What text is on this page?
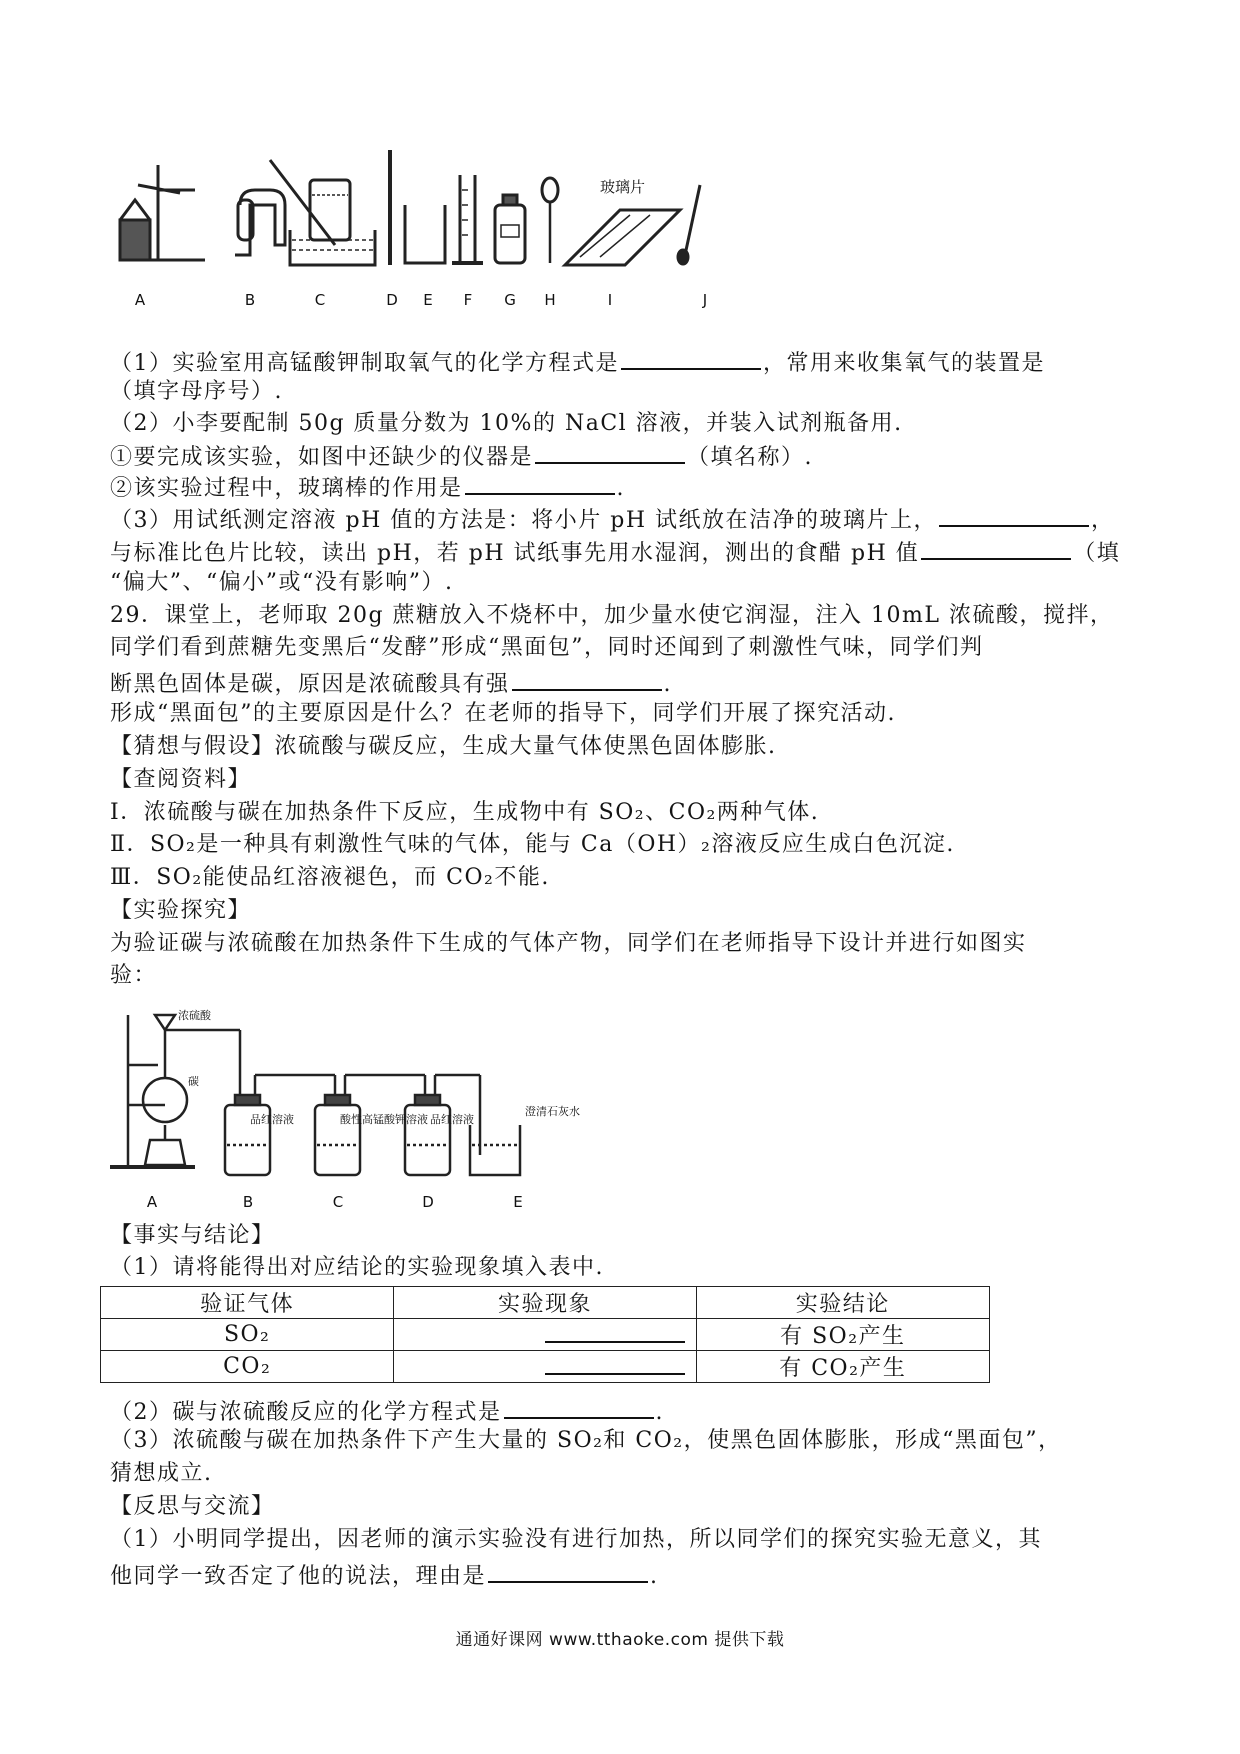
玻璃片
A	B	C	D E F G H	I	J
浓硫酸
碳
品红溶液	酸性高锰酸钾溶液 品红溶液
澄清石灰水
A	B	C	D	E
（1）实验室用高锰酸钾制取氧气的化学方程式是	，常用来收集氧气的装置是
（填字母序号）.
（2）小李要配制 50g 质量分数为 10%的 NaCl 溶液，并装入试剂瓶备用.
①要完成该实验，如图中还缺少的仪器是	（填名称）.
②该实验过程中，玻璃棒的作用是	.
（3）用试纸测定溶液 pH 值的方法是：将小片 pH 试纸放在洁净的玻璃片上，	，
与标准比色片比较，读出 pH，若 pH 试纸事先用水湿润，测出的食醋 pH 值	（填
“偏大”、“偏小”或“没有影响”）.
29．课堂上，老师取 20g 蔗糖放入不烧杯中，加少量水使它润湿，注入 10mL 浓硫酸，搅拌，
同学们看到蔗糖先变黑后“发酵”形成“黑面包”，同时还闻到了刺激性气味，同学们判
断黑色固体是碳，原因是浓硫酸具有强	.
形成“黑面包”的主要原因是什么？在老师的指导下，同学们开展了探究活动.
【猜想与假设】浓硫酸与碳反应，生成大量气体使黑色固体膨胀.
【查阅资料】
Ⅰ．浓硫酸与碳在加热条件下反应，生成物中有 SO₂、CO₂两种气体.
Ⅱ．SO₂是一种具有刺激性气味的气体，能与 Ca（OH）₂溶液反应生成白色沉淀.
Ⅲ．SO₂能使品红溶液褪色，而 CO₂不能.
【实验探究】
为验证碳与浓硫酸在加热条件下生成的气体产物，同学们在老师指导下设计并进行如图实
验：
【事实与结论】
（1）请将能得出对应结论的实验现象填入表中.
验证气体	实验现象	实验结论
SO₂		有 SO₂产生
CO₂		有 CO₂产生
（2）碳与浓硫酸反应的化学方程式是	.
（3）浓硫酸与碳在加热条件下产生大量的 SO₂和 CO₂，使黑色固体膨胀，形成“黑面包”，
猜想成立.
【反思与交流】
（1）小明同学提出，因老师的演示实验没有进行加热，所以同学们的探究实验无意义，其
他同学一致否定了他的说法，理由是	.
通通好课网 www.tthaoke.com 提供下载
